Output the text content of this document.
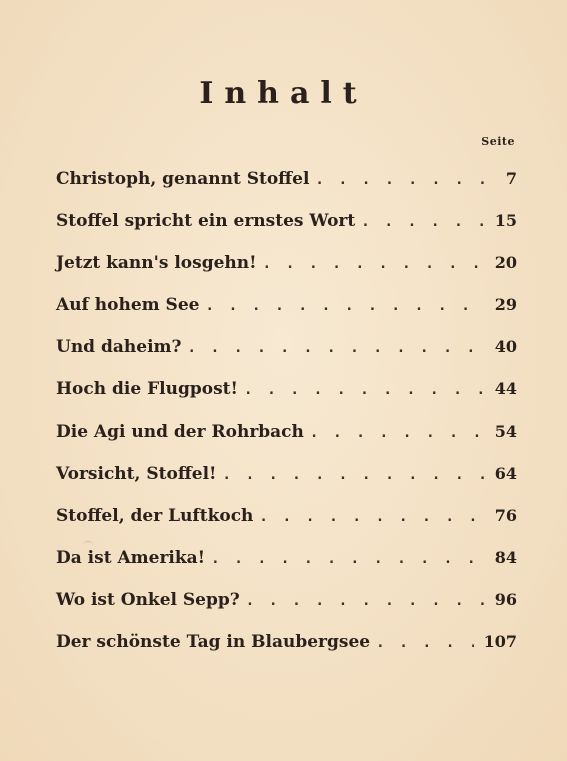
Inhalt
Seite
Christoph, genannt Stoffel . . .	7
Stoffel spricht ein ernstes Wort . . .	15
Jetzt kann's losgehn! . . .	20
Auf hohem See . . .	29
Und daheim? . . .	40
Hoch die Flugpost! . . .	44
Die Agi und der Rohrbach . . .	54
Vorsicht, Stoffel! . . .	64
Stoffel, der Luftkoch . . .	76
Da ist Amerika! . . .	84
Wo ist Onkel Sepp? . . .	96
Der schönste Tag in Blaubergsee . . .	107
